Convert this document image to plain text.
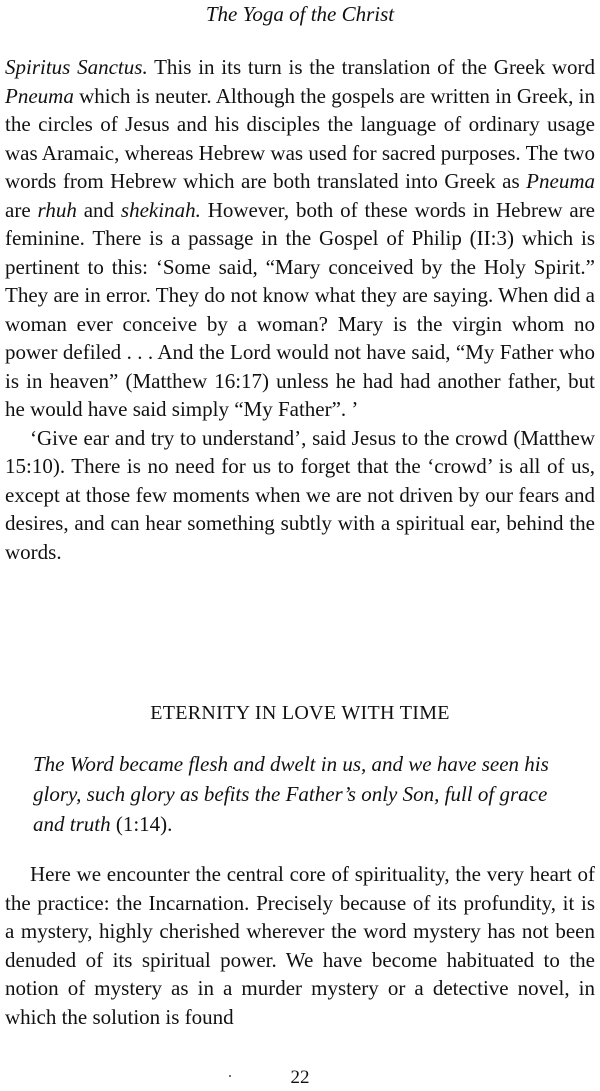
The Yoga of the Christ

Spiritus Sanctus. This in its turn is the translation of the Greek word Pneuma which is neuter. Although the gospels are written in Greek, in the circles of Jesus and his disciples the language of ordinary usage was Aramaic, whereas Hebrew was used for sacred purposes. The two words from Hebrew which are both translated into Greek as Pneuma are rhuh and shekinah. However, both of these words in Hebrew are feminine. There is a passage in the Gospel of Philip (II:3) which is pertinent to this: ‘Some said, “Mary conceived by the Holy Spirit.” They are in error. They do not know what they are saying. When did a woman ever conceive by a woman? Mary is the virgin whom no power defiled . . . And the Lord would not have said, “My Father who is in heaven” (Matthew 16:17) unless he had had another father, but he would have said simply “My Father”. ’

‘Give ear and try to understand’, said Jesus to the crowd (Matthew 15:10). There is no need for us to forget that the ‘crowd’ is all of us, except at those few moments when we are not driven by our fears and desires, and can hear something subtly with a spiritual ear, behind the words.

ETERNITY IN LOVE WITH TIME
The Word became flesh and dwelt in us, and we have seen his glory, such glory as befits the Father’s only Son, full of grace and truth (1:14).

Here we encounter the central core of spirituality, the very heart of the practice: the Incarnation. Precisely because of its profundity, it is a mystery, highly cherished wherever the word mystery has not been denuded of its spiritual power. We have become habituated to the notion of mystery as in a murder mystery or a detective novel, in which the solution is found

22
